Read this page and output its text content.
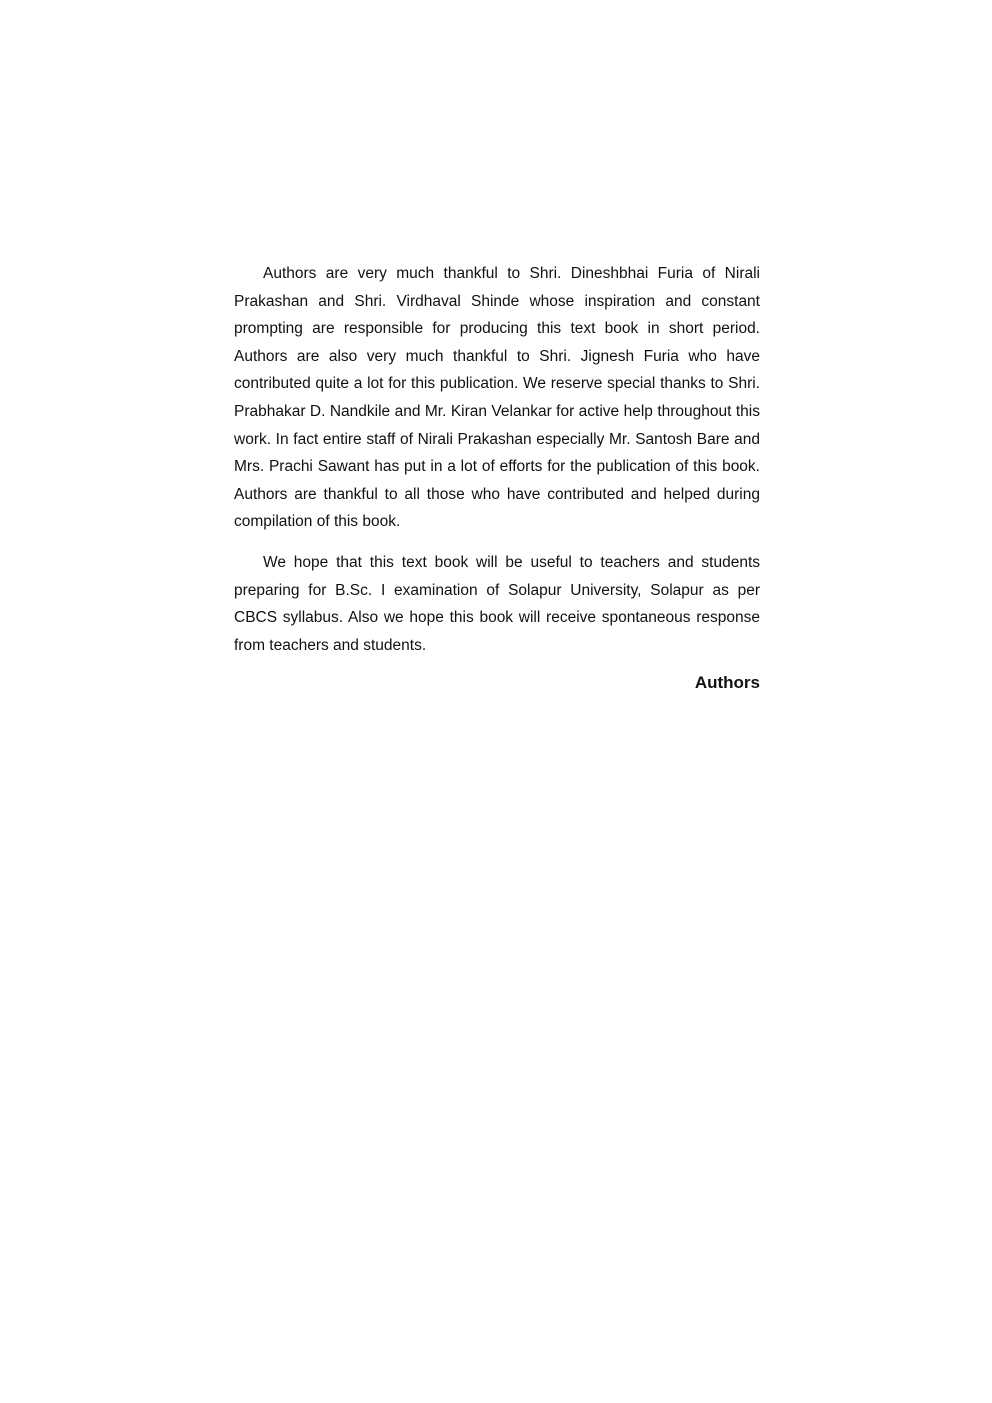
Authors are very much thankful to Shri. Dineshbhai Furia of Nirali Prakashan and Shri. Virdhaval Shinde whose inspiration and constant prompting are responsible for producing this text book in short period. Authors are also very much thankful to Shri. Jignesh Furia who have contributed quite a lot for this publication. We reserve special thanks to Shri. Prabhakar D. Nandkile and Mr. Kiran Velankar for active help throughout this work. In fact entire staff of Nirali Prakashan especially Mr. Santosh Bare and Mrs. Prachi Sawant has put in a lot of efforts for the publication of this book. Authors are thankful to all those who have contributed and helped during compilation of this book.

We hope that this text book will be useful to teachers and students preparing for B.Sc. I examination of Solapur University, Solapur as per CBCS syllabus. Also we hope this book will receive spontaneous response from teachers and students.

Authors
